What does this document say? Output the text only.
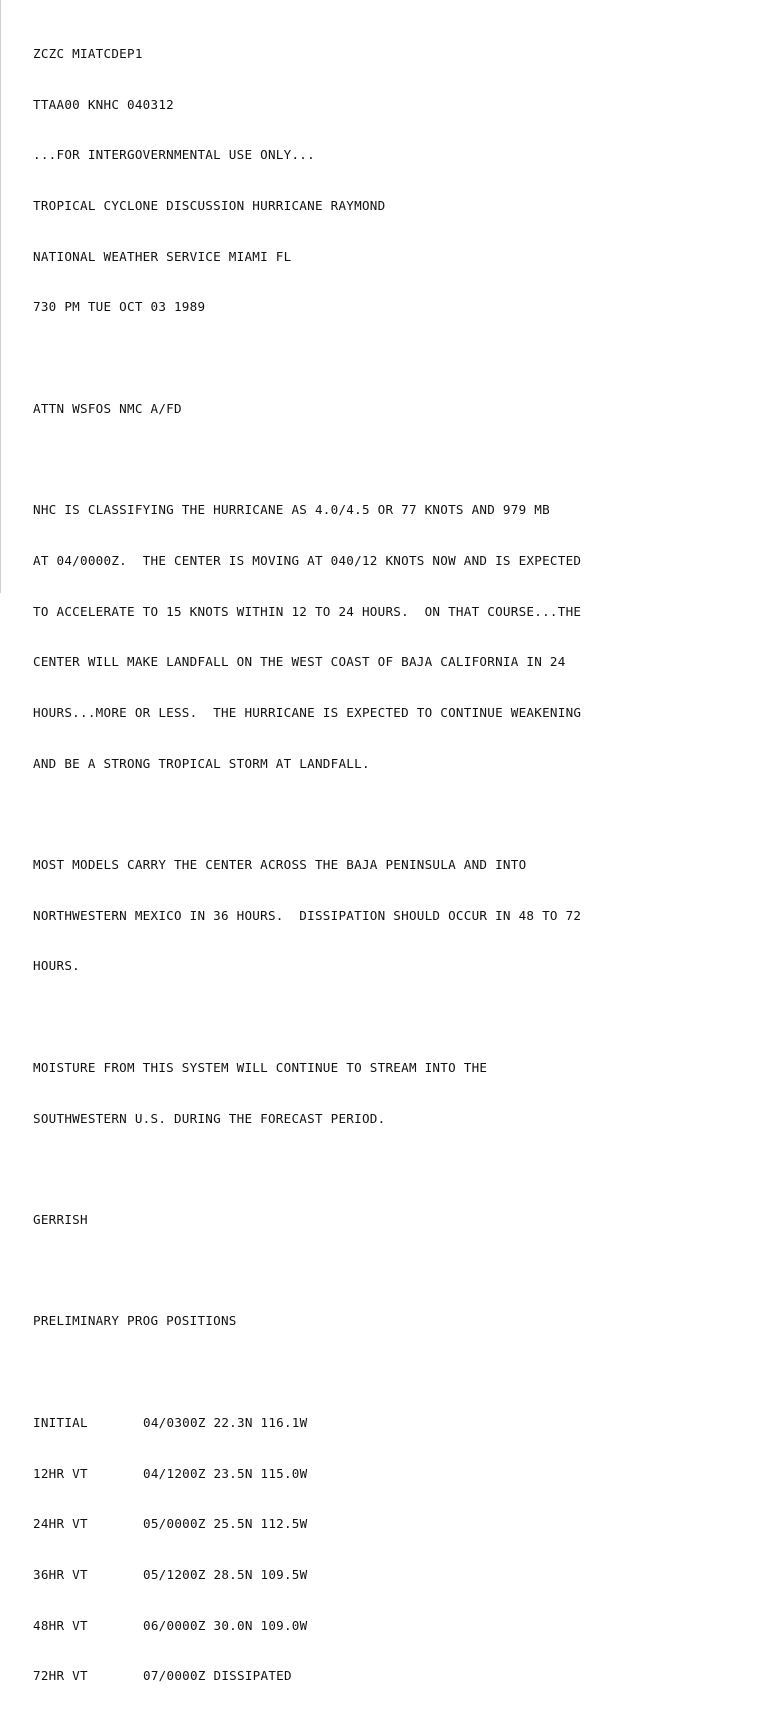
ZCZC MIATCDEP1

TTAA00 KNHC 040312

...FOR INTERGOVERNMENTAL USE ONLY...

TROPICAL CYCLONE DISCUSSION HURRICANE RAYMOND

NATIONAL WEATHER SERVICE MIAMI FL

730 PM TUE OCT 03 1989

ATTN WSFOS NMC A/FD

NHC IS CLASSIFYING THE HURRICANE AS 4.0/4.5 OR 77 KNOTS AND 979 MB

AT 04/0000Z.  THE CENTER IS MOVING AT 040/12 KNOTS NOW AND IS EXPECTED

TO ACCELERATE TO 15 KNOTS WITHIN 12 TO 24 HOURS.  ON THAT COURSE...THE

CENTER WILL MAKE LANDFALL ON THE WEST COAST OF BAJA CALIFORNIA IN 24

HOURS...MORE OR LESS.  THE HURRICANE IS EXPECTED TO CONTINUE WEAKENING

AND BE A STRONG TROPICAL STORM AT LANDFALL.

MOST MODELS CARRY THE CENTER ACROSS THE BAJA PENINSULA AND INTO

NORTHWESTERN MEXICO IN 36 HOURS.  DISSIPATION SHOULD OCCUR IN 48 TO 72

HOURS.

MOISTURE FROM THIS SYSTEM WILL CONTINUE TO STREAM INTO THE

SOUTHWESTERN U.S. DURING THE FORECAST PERIOD.

GERRISH

PRELIMINARY PROG POSITIONS

INITIAL	04/0300Z 22.3N 116.1W

12HR VT	04/1200Z 23.5N 115.0W

24HR VT	05/0000Z 25.5N 112.5W

36HR VT	05/1200Z 28.5N 109.5W

48HR VT	06/0000Z 30.0N 109.0W

72HR VT	07/0000Z DISSIPATED
